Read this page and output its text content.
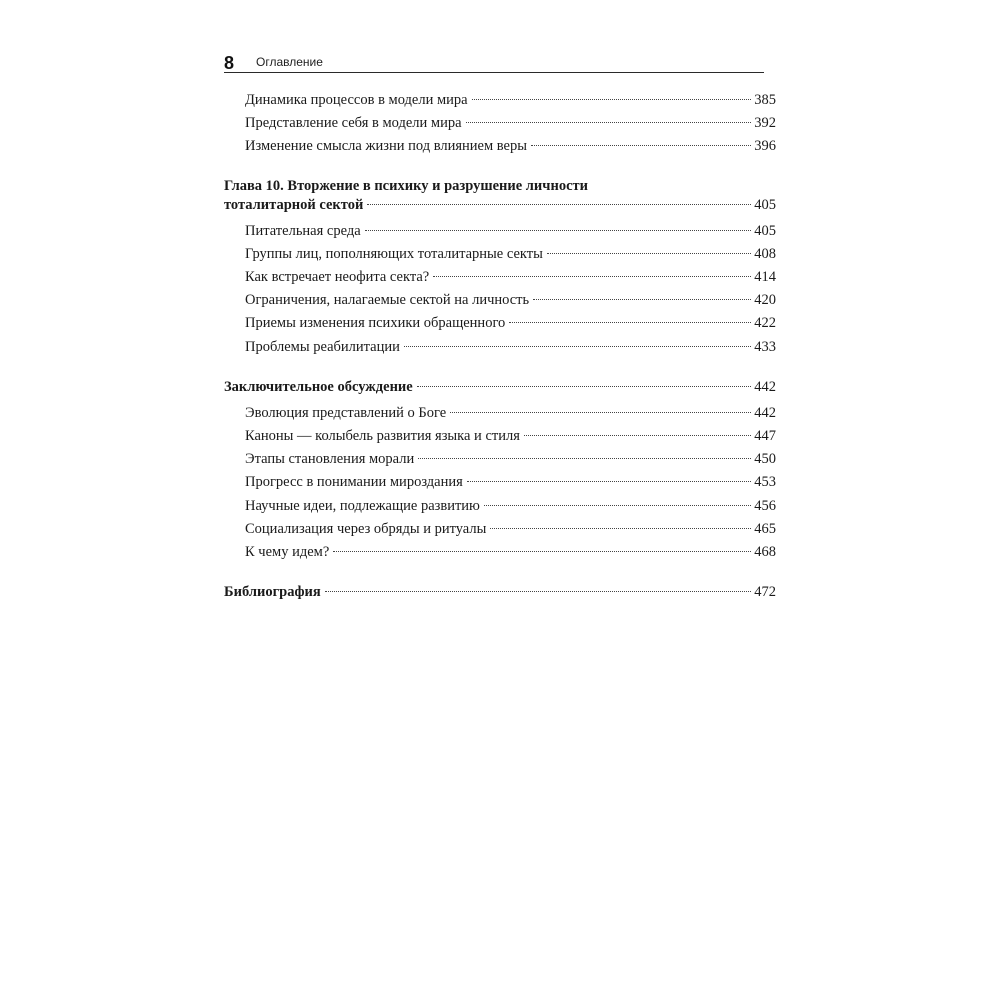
8 Оглавление
Динамика процессов в модели мира	385
Представление себя в модели мира	392
Изменение смысла жизни под влиянием веры	396
Глава 10. Вторжение в психику и разрушение личности
тоталитарной сектой	405
Питательная среда	405
Группы лиц, пополняющих тоталитарные секты	408
Как встречает неофита секта?	414
Ограничения, налагаемые сектой на личность	420
Приемы изменения психики обращенного	422
Проблемы реабилитации	433
Заключительное обсуждение	442
Эволюция представлений о Боге	442
Каноны — колыбель развития языка и стиля	447
Этапы становления морали	450
Прогресс в понимании мироздания	453
Научные идеи, подлежащие развитию	456
Социализация через обряды и ритуалы	465
К чему идем?	468
Библиография	472
